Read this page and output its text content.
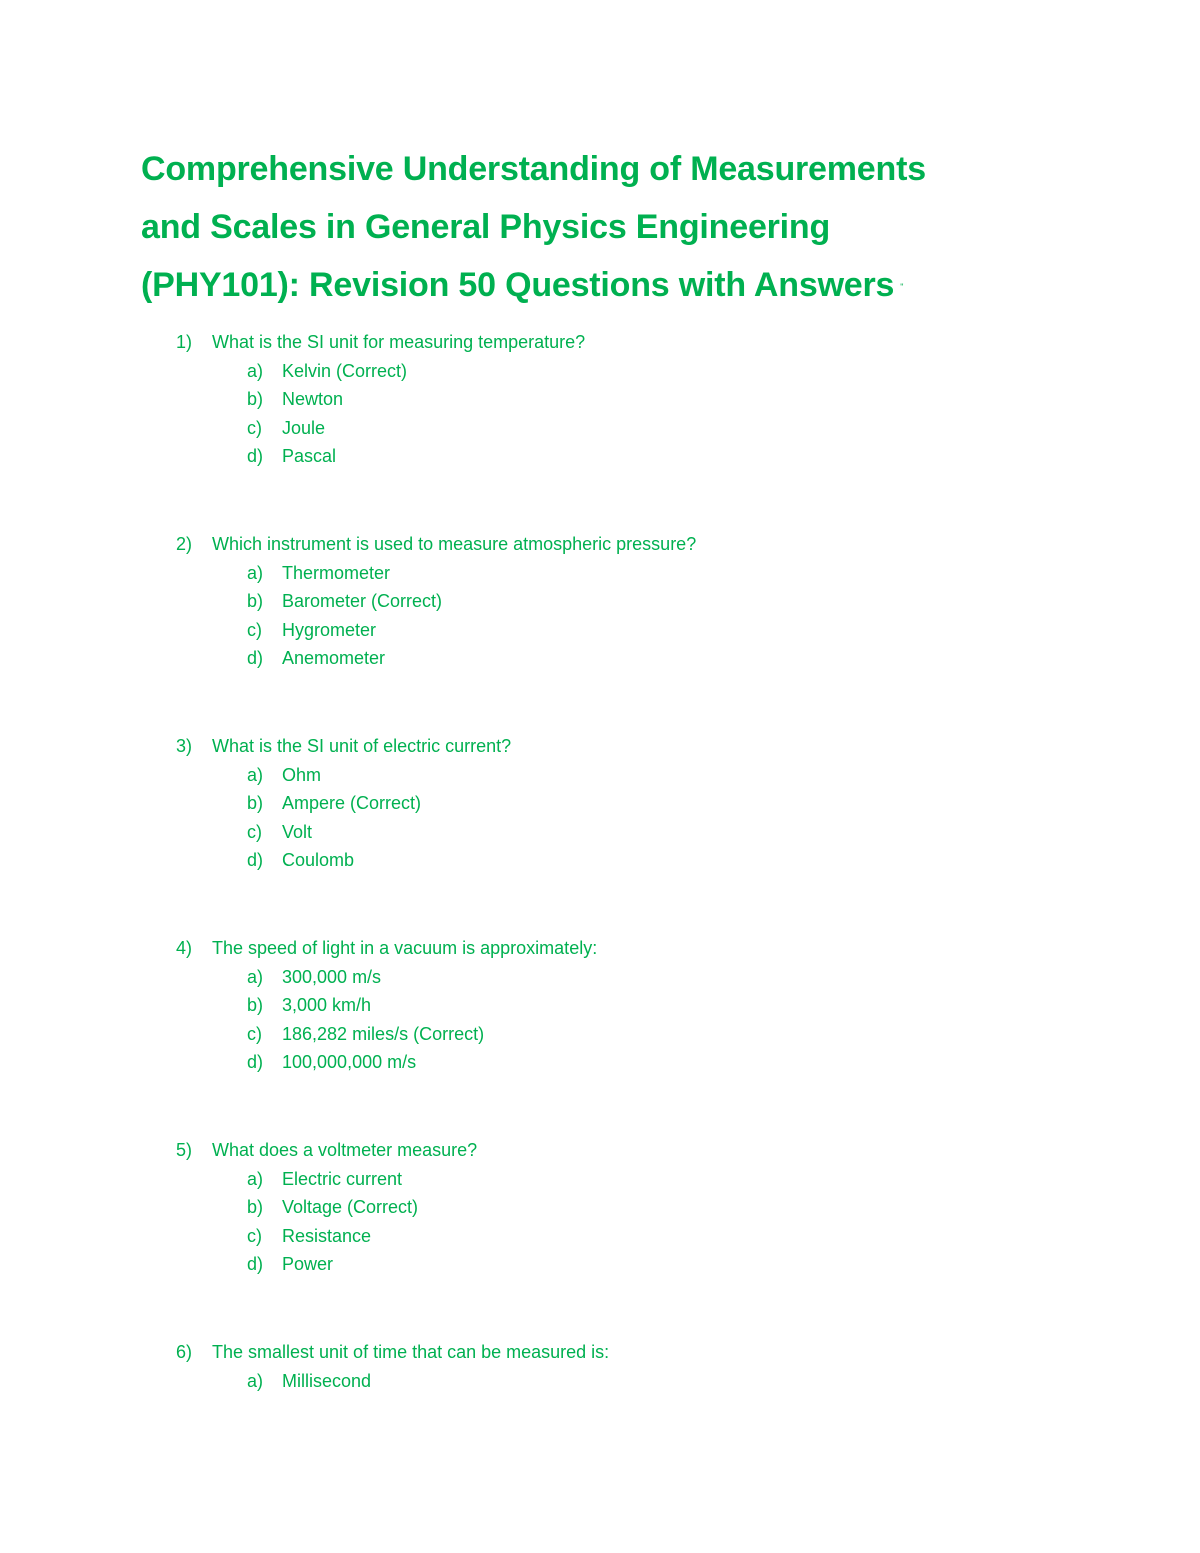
Comprehensive Understanding of Measurements
and Scales in General Physics Engineering
(PHY101): Revision 50 Questions with Answers "
1)	What is the SI unit for measuring temperature?
a)	Kelvin (Correct)
b)	Newton
c)	Joule
d)	Pascal
2)	Which instrument is used to measure atmospheric pressure?
a)	Thermometer
b)	Barometer (Correct)
c)	Hygrometer
d)	Anemometer
3)	What is the SI unit of electric current?
a)	Ohm
b)	Ampere (Correct)
c)	Volt
d)	Coulomb
4)	The speed of light in a vacuum is approximately:
a)	300,000 m/s
b)	3,000 km/h
c)	186,282 miles/s (Correct)
d)	100,000,000 m/s
5)	What does a voltmeter measure?
a)	Electric current
b)	Voltage (Correct)
c)	Resistance
d)	Power
6)	The smallest unit of time that can be measured is:
a)	Millisecond
